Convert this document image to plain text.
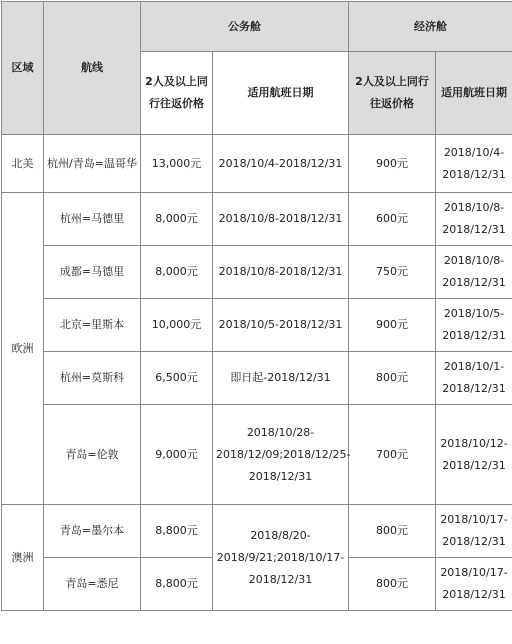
区域	航线	公务舱		经济舱	
		2人及以上同行往返价格	适用航班日期	2人及以上同行往返价格	适用航班日期
北美	杭州/青岛=温哥华	13,000元	2018/10/4-2018/12/31	900元	2018/10/4-2018/12/31
欧洲	杭州=马德里	8,000元	2018/10/8-2018/12/31	600元	2018/10/8-2018/12/31
	成都=马德里	8,000元	2018/10/8-2018/12/31	750元	2018/10/8-2018/12/31
	北京=里斯本	10,000元	2018/10/5-2018/12/31	900元	2018/10/5-2018/12/31
	杭州=莫斯科	6,500元	即日起-2018/12/31	800元	2018/10/1-2018/12/31
	青岛=伦敦	9,000元	2018/10/28-2018/12/09;2018/12/25-2018/12/31	700元	2018/10/12-2018/12/31

澳洲	青岛=墨尔本	8,800元	2018/8/20-2018/9/21;2018/10/17-2018/12/31	800元	2018/10/17-2018/12/31
	青岛=悉尼	8,800元		800元	2018/10/17-2018/12/31
